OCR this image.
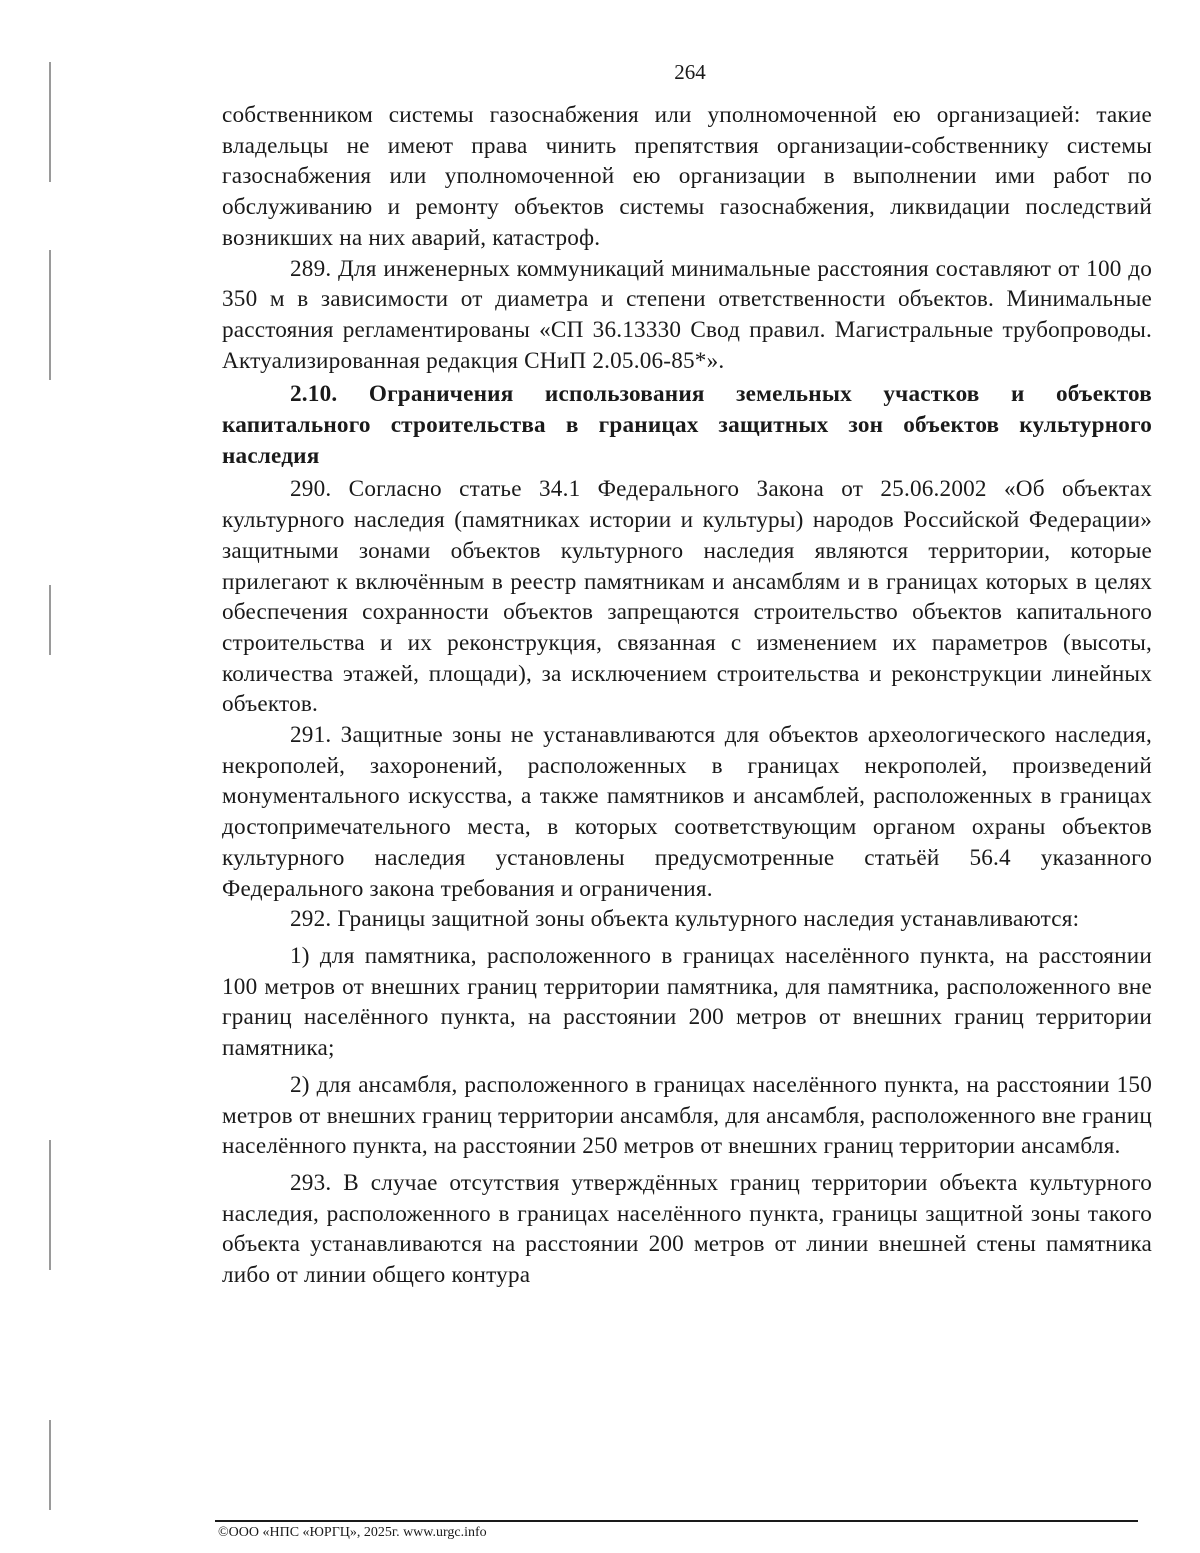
264

собственником системы газоснабжения или уполномоченной ею организацией: такие владельцы не имеют права чинить препятствия организации-собственнику системы газоснабжения или уполномоченной ею организации в выполнении ими работ по обслуживанию и ремонту объектов системы газоснабжения, ликвидации последствий возникших на них аварий, катастроф.

289. Для инженерных коммуникаций минимальные расстояния составляют от 100 до 350 м в зависимости от диаметра и степени ответственности объектов. Минимальные расстояния регламентированы «СП 36.13330 Свод правил. Магистральные трубопроводы. Актуализированная редакция СНиП 2.05.06-85*».

2.10. Ограничения использования земельных участков и объектов капитального строительства в границах защитных зон объектов культурного наследия

290. Согласно статье 34.1 Федерального Закона от 25.06.2002 «Об объектах культурного наследия (памятниках истории и культуры) народов Российской Федерации» защитными зонами объектов культурного наследия являются территории, которые прилегают к включённым в реестр памятникам и ансамблям и в границах которых в целях обеспечения сохранности объектов запрещаются строительство объектов капитального строительства и их реконструкция, связанная с изменением их параметров (высоты, количества этажей, площади), за исключением строительства и реконструкции линейных объектов.

291. Защитные зоны не устанавливаются для объектов археологического наследия, некрополей, захоронений, расположенных в границах некрополей, произведений монументального искусства, а также памятников и ансамблей, расположенных в границах достопримечательного места, в которых соответствующим органом охраны объектов культурного наследия установлены предусмотренные статьёй 56.4 указанного Федерального закона требования и ограничения.

292. Границы защитной зоны объекта культурного наследия устанавливаются:

1) для памятника, расположенного в границах населённого пункта, на расстоянии 100 метров от внешних границ территории памятника, для памятника, расположенного вне границ населённого пункта, на расстоянии 200 метров от внешних границ территории памятника;

2) для ансамбля, расположенного в границах населённого пункта, на расстоянии 150 метров от внешних границ территории ансамбля, для ансамбля, расположенного вне границ населённого пункта, на расстоянии 250 метров от внешних границ территории ансамбля.

293. В случае отсутствия утверждённых границ территории объекта культурного наследия, расположенного в границах населённого пункта, границы защитной зоны такого объекта устанавливаются на расстоянии 200 метров от линии внешней стены памятника либо от линии общего контура

©ООО «НПС «ЮРГЦ», 2025г. www.urgc.info
